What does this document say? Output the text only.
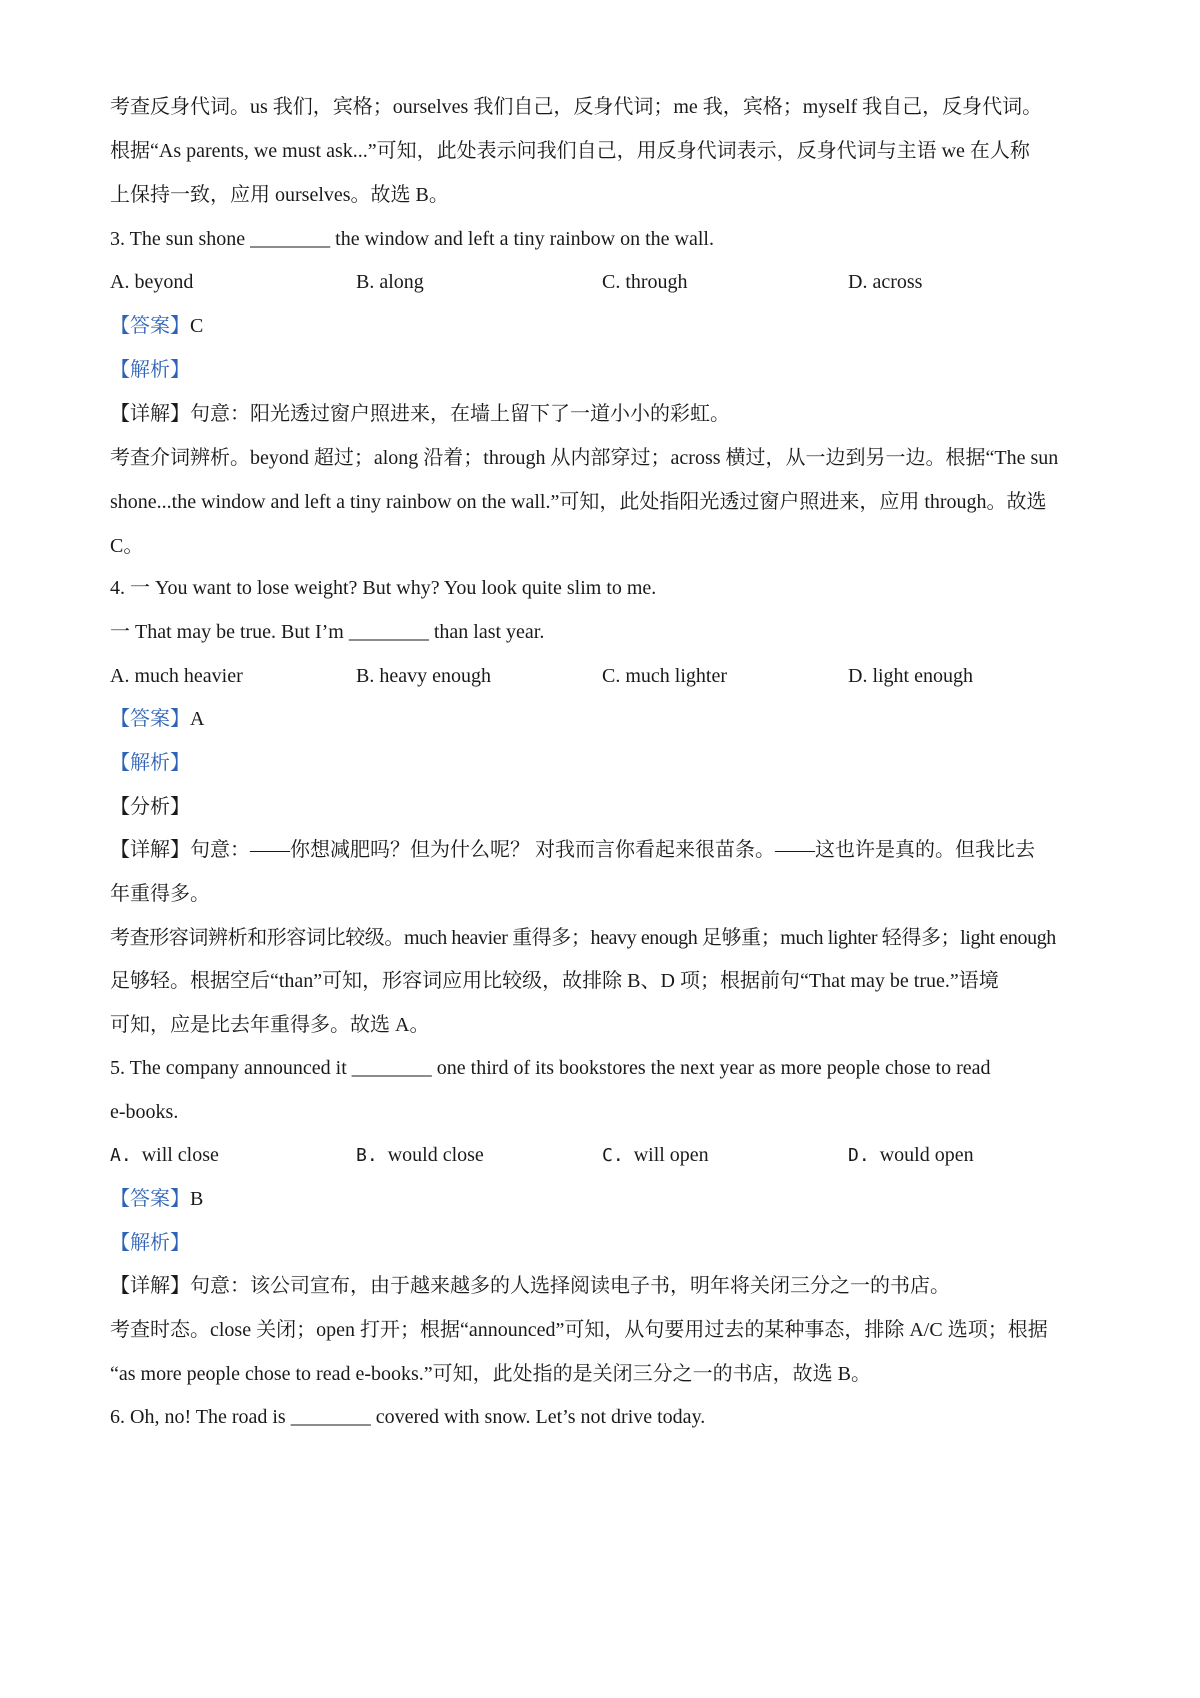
考查反身代词。us 我们，宾格；ourselves 我们自己，反身代词；me 我，宾格；myself 我自己，反身代词。
根据“As parents, we must ask...”可知，此处表示问我们自己，用反身代词表示，反身代词与主语 we 在人称
上保持一致，应用 ourselves。故选 B。
3. The sun shone ________ the window and left a tiny rainbow on the wall.
A. beyond	B. along	C. through	D. across
【答案】C
【解析】
【详解】句意：阳光透过窗户照进来，在墙上留下了一道小小的彩虹。
考查介词辨析。beyond 超过；along 沿着；through 从内部穿过；across 横过，从一边到另一边。根据“The sun
shone...the window and left a tiny rainbow on the wall.”可知，此处指阳光透过窗户照进来，应用 through。故选
C。
4. 一 You want to lose weight? But why? You look quite slim to me.
一 That may be true. But I’m ________ than last year.
A. much heavier	B. heavy enough	C. much lighter	D. light enough
【答案】A
【解析】
【分析】
【详解】句意：——你想减肥吗？但为什么呢？ 对我而言你看起来很苗条。——这也许是真的。但我比去
年重得多。
考查形容词辨析和形容词比较级。much heavier 重得多；heavy enough 足够重；much lighter 轻得多；light enough
足够轻。根据空后“than”可知，形容词应用比较级，故排除 B、D 项；根据前句“That may be true.”语境
可知，应是比去年重得多。故选 A。
5. The company announced it ________ one third of its bookstores the next year as more people chose to read
e-books.
A. will close	B. would close	C. will open	D. would open
【答案】B
【解析】
【详解】句意：该公司宣布，由于越来越多的人选择阅读电子书，明年将关闭三分之一的书店。
考查时态。close 关闭；open 打开；根据“announced”可知，从句要用过去的某种事态，排除 A/C 选项；根据
“as more people chose to read e-books.”可知，此处指的是关闭三分之一的书店，故选 B。
6. Oh, no! The road is ________ covered with snow. Let’s not drive today.
